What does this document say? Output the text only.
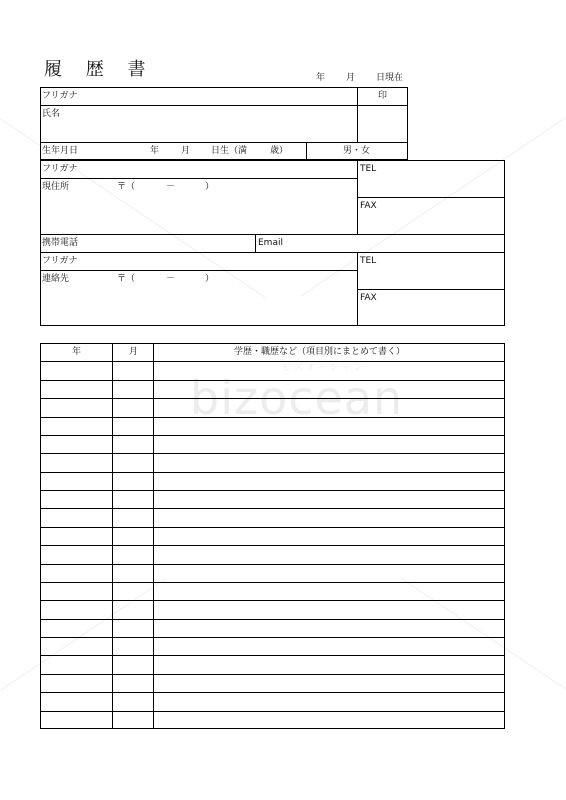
ビズオーシャン
bizocean
履 歴 書	年 月 日現在
フリガナ	印
氏名
生年月日	年 月 日生（満	歳）	男・女
フリガナ
現住所	〒（	－	）
TEL
FAX
携帯電話	Email
フリガナ
連絡先	〒（	－	）
TEL
FAX
年	月	学歴・職歴など（項目別にまとめて書く）
